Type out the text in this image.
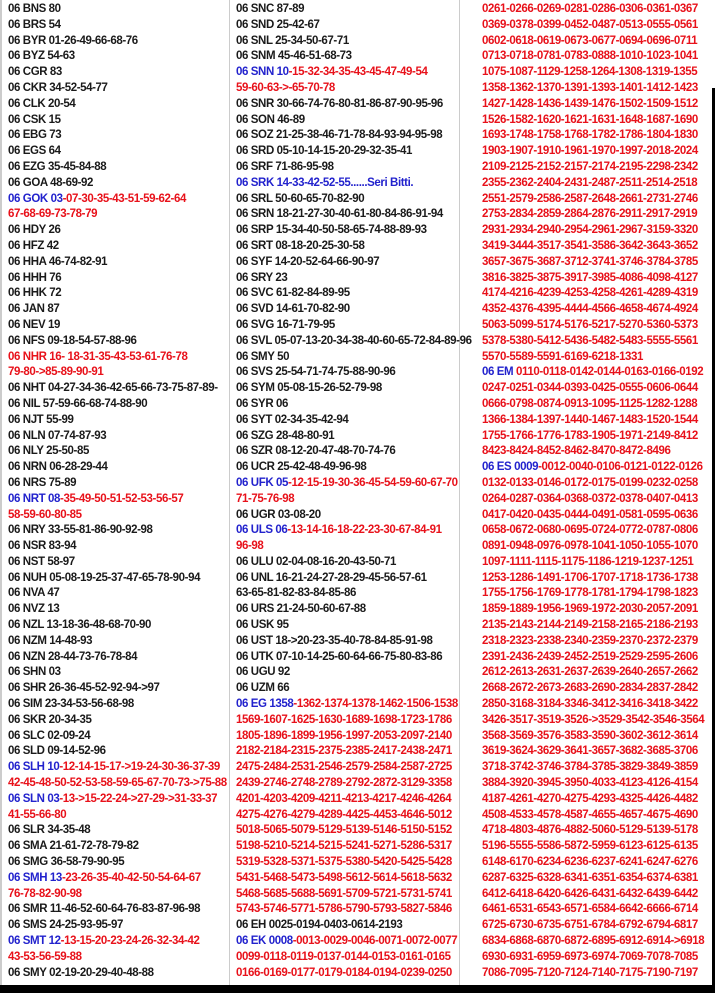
06 BNS 80
06 BRS 54
06 BYR 01-26-49-66-68-76
06 BYZ 54-63
06 CGR 83
06 CKR 34-52-54-77
06 CLK 20-54
06 CSK 15
06 EBG 73
06 EGS 64
06 EZG 35-45-84-88
06 GOA 48-69-92
06 GOK 03-07-30-35-43-51-59-62-64
67-68-69-73-78-79
06 HDY 26
06 HFZ 42
06 HHA 46-74-82-91
06 HHH 76
06 HHK 72
06 JAN 87
06 NEV 19
06 NFS 09-18-54-57-88-96
06 NHR 16- 18-31-35-43-53-61-76-78
79-80->85-89-90-91
06 NHT 04-27-34-36-42-65-66-73-75-87-89-
06 NIL 57-59-66-68-74-88-90
06 NJT 55-99
06 NLN 07-74-87-93
06 NLY 25-50-85
06 NRN 06-28-29-44
06 NRS 75-89
06 NRT 08-35-49-50-51-52-53-56-57
58-59-60-80-85
06 NRY 33-55-81-86-90-92-98
06 NSR 83-94
06 NST 58-97
06 NUH 05-08-19-25-37-47-65-78-90-94
06 NVA 47
06 NVZ 13
06 NZL 13-18-36-48-68-70-90
06 NZM 14-48-93
06 NZN 28-44-73-76-78-84
06 SHN 03
06 SHR 26-36-45-52-92-94->97
06 SIM 23-34-53-56-68-98
06 SKR 20-34-35
06 SLC 02-09-24
06 SLD 09-14-52-96
06 SLH 10-12-14-15-17->19-24-30-36-37-39
42-45-48-50-52-53-58-59-65-67-70-73->75-88
06 SLN 03-13->15-22-24->27-29->31-33-37
41-55-66-80
06 SLR 34-35-48
06 SMA 21-61-72-78-79-82
06 SMG 36-58-79-90-95
06 SMH 13-23-26-35-40-42-50-54-64-67
76-78-82-90-98
06 SMR 11-46-52-60-64-76-83-87-96-98
06 SMS 24-25-93-95-97
06 SMT 12-13-15-20-23-24-26-32-34-42
43-53-56-59-88
06 SMY 02-19-20-29-40-48-88
06 SNC 87-89
06 SND 25-42-67
06 SNL 25-34-50-67-71
06 SNM 45-46-51-68-73
06 SNN 10-15-32-34-35-43-45-47-49-54
59-60-63->-65-70-78
06 SNR 30-66-74-76-80-81-86-87-90-95-96
06 SON 46-89
06 SOZ 21-25-38-46-71-78-84-93-94-95-98
06 SRD 05-10-14-15-20-29-32-35-41
06 SRF 71-86-95-98
06 SRK 14-33-42-52-55......Seri Bitti.
06 SRL 50-60-65-70-82-90
06 SRN 18-21-27-30-40-61-80-84-86-91-94
06 SRP 15-34-40-50-58-65-74-88-89-93
06 SRT 08-18-20-25-30-58
06 SYF 14-20-52-64-66-90-97
06 SRY 23
06 SVC 61-82-84-89-95
06 SVD 14-61-70-82-90
06 SVG 16-71-79-95
06 SVL 05-07-13-20-34-38-40-60-65-72-84-89-96
06 SMY 50
06 SVS 25-54-71-74-75-88-90-96
06 SYM 05-08-15-26-52-79-98
06 SYR 06
06 SYT 02-34-35-42-94
06 SZG 28-48-80-91
06 SZR 08-12-20-47-48-70-74-76
06 UCR 25-42-48-49-96-98
06 UFK 05-12-15-19-30-36-45-54-59-60-67-70
71-75-76-98
06 UGR 03-08-20
06 ULS 06-13-14-16-18-22-23-30-67-84-91
96-98
06 ULU 02-04-08-16-20-43-50-71
06 UNL 16-21-24-27-28-29-45-56-57-61
63-65-81-82-83-84-85-86
06 URS 21-24-50-60-67-88
06 USK 95
06 UST 18->20-23-35-40-78-84-85-91-98
06 UTK 07-10-14-25-60-64-66-75-80-83-86
06 UGU 92
06 UZM 66
06 EG 1358-1362-1374-1378-1462-1506-1538
1569-1607-1625-1630-1689-1698-1723-1786
1805-1896-1899-1956-1997-2053-2097-2140
2182-2184-2315-2375-2385-2417-2438-2471
2475-2484-2531-2546-2579-2584-2587-2725
2439-2746-2748-2789-2792-2872-3129-3358
4201-4203-4209-4211-4213-4217-4246-4264
4275-4276-4279-4289-4425-4453-4646-5012
5018-5065-5079-5129-5139-5146-5150-5152
5198-5210-5214-5215-5241-5271-5286-5317
5319-5328-5371-5375-5380-5420-5425-5428
5431-5468-5473-5498-5612-5614-5618-5632
5468-5685-5688-5691-5709-5721-5731-5741
5743-5746-5771-5786-5790-5793-5827-5846
06 EH 0025-0194-0403-0614-2193
06 EK 0008-0013-0029-0046-0071-0072-0077
0099-0118-0119-0137-0144-0153-0161-0165
0166-0169-0177-0179-0184-0194-0239-0250
0261-0266-0269-0281-0286-0306-0361-0367
0369-0378-0399-0452-0487-0513-0555-0561
0602-0618-0619-0673-0677-0694-0696-0711
0713-0718-0781-0783-0888-1010-1023-1041
1075-1087-1129-1258-1264-1308-1319-1355
1358-1362-1370-1391-1393-1401-1412-1423
1427-1428-1436-1439-1476-1502-1509-1512
1526-1582-1620-1621-1631-1648-1687-1690
1693-1748-1758-1768-1782-1786-1804-1830
1903-1907-1910-1961-1970-1997-2018-2024
2109-2125-2152-2157-2174-2195-2298-2342
2355-2362-2404-2431-2487-2511-2514-2518
2551-2579-2586-2587-2648-2661-2731-2746
2753-2834-2859-2864-2876-2911-2917-2919
2931-2934-2940-2954-2961-2967-3159-3320
3419-3444-3517-3541-3586-3642-3643-3652
3657-3675-3687-3712-3741-3746-3784-3785
3816-3825-3875-3917-3985-4086-4098-4127
4174-4216-4239-4253-4258-4261-4289-4319
4352-4376-4395-4444-4566-4658-4674-4924
5063-5099-5174-5176-5217-5270-5360-5373
5378-5380-5412-5436-5482-5483-5555-5561
5570-5589-5591-6169-6218-1331
06 EM 0110-0118-0142-0144-0163-0166-0192
0247-0251-0344-0393-0425-0555-0606-0644
0666-0798-0874-0913-1095-1125-1282-1288
1366-1384-1397-1440-1467-1483-1520-1544
1755-1766-1776-1783-1905-1971-2149-8412
8423-8424-8452-8462-8470-8472-8496
06 ES 0009-0012-0040-0106-0121-0122-0126
0132-0133-0146-0172-0175-0199-0232-0258
0264-0287-0364-0368-0372-0378-0407-0413
0417-0420-0435-0444-0491-0581-0595-0636
0658-0672-0680-0695-0724-0772-0787-0806
0891-0948-0976-0978-1041-1050-1055-1070
1097-1111-1115-1175-1186-1219-1237-1251
1253-1286-1491-1706-1707-1718-1736-1738
1755-1756-1769-1778-1781-1794-1798-1823
1859-1889-1956-1969-1972-2030-2057-2091
2135-2143-2144-2149-2158-2165-2186-2193
2318-2323-2338-2340-2359-2370-2372-2379
2391-2436-2439-2452-2519-2529-2595-2606
2612-2613-2631-2637-2639-2640-2657-2662
2668-2672-2673-2683-2690-2834-2837-2842
2850-3168-3184-3346-3412-3416-3418-3422
3426-3517-3519-3526->3529-3542-3546-3564
3568-3569-3576-3583-3590-3602-3612-3614
3619-3624-3629-3641-3657-3682-3685-3706
3718-3742-3746-3784-3785-3829-3849-3859
3884-3920-3945-3950-4033-4123-4126-4154
4187-4261-4270-4275-4293-4325-4426-4482
4508-4533-4578-4587-4655-4657-4675-4690
4718-4803-4876-4882-5060-5129-5139-5178
5196-5555-5586-5872-5959-6123-6125-6135
6148-6170-6234-6236-6237-6241-6247-6276
6287-6325-6328-6341-6351-6354-6374-6381
6412-6418-6420-6426-6431-6432-6439-6442
6461-6531-6543-6571-6584-6642-6666-6714
6725-6730-6735-6751-6784-6792-6794-6817
6834-6868-6870-6872-6895-6912-6914->6918
6930-6931-6959-6973-6974-7069-7078-7085
7086-7095-7120-7124-7140-7175-7190-7197
